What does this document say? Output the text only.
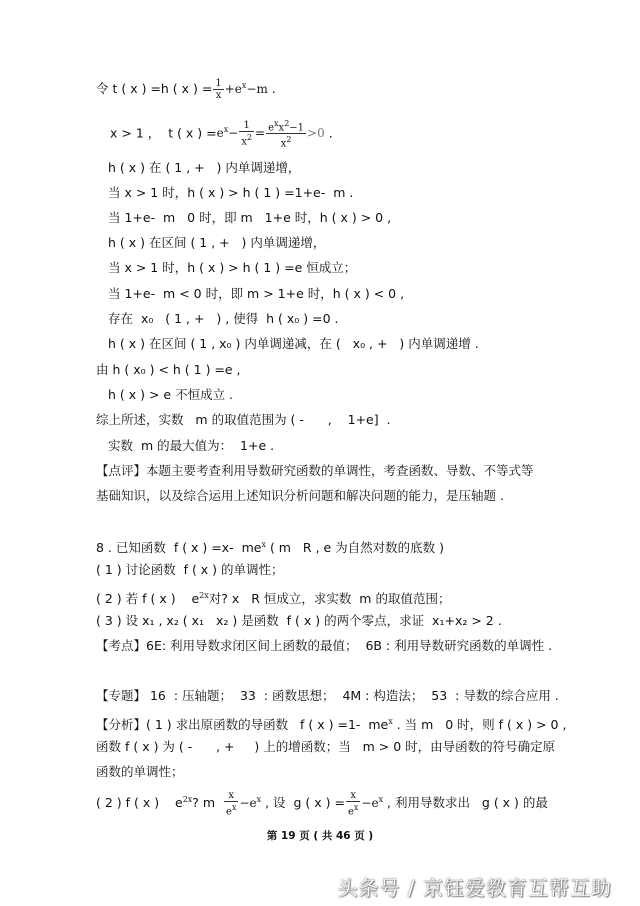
令 t ( x ) =h ( x ) = $\frac{1}{x} +e^x-m$ .
x > 1 ，  t ( x ) $=e^x- \frac{1}{x^2} = \frac{e^xx^2-1}{x^2} >0$ .
h ( x ) 在 ( 1 , +   ) 内单调递增，
当 x > 1 时，h ( x ) > h ( 1 ) =1+e-  m .
当 1+e-  m   0 时，即 m   1+e 时，h ( x ) > 0 ,
h ( x ) 在区间 ( 1 , +   ) 内单调递增，
当 x > 1 时，h ( x ) > h ( 1 ) =e 恒成立；
当 1+e-  m < 0 时，即 m > 1+e 时，h ( x ) < 0 ,
存在  x₀   ( 1 , +   ) , 使得  h ( x₀ ) =0 .
h ( x ) 在区间 ( 1 , x₀ ) 内单调递减，在 (   x₀ , +   ) 内单调递增 .
由 h ( x₀ ) < h ( 1 ) =e ,
h ( x ) > e 不恒成立 .
综上所述，实数   m 的取值范围为 ( -      ,    1+e]  .
实数  m 的最大值为：  1+e .
【点评】本题主要考查利用导数研究函数的单调性，考查函数、导数、不等式等
基础知识，以及综合运用上述知识分析问题和解决问题的能力，是压轴题 .
8 . 已知函数  f ( x ) =x-  $me^x$ ( m   R , e 为自然对数的底数 )
( 1 ) 讨论函数  f ( x ) 的单调性；
( 2 ) 若 f ( x )    $e^{2x}$对? x   R 恒成立，求实数  m 的取值范围；
( 3 ) 设 x₁ , x₂ ( x₁   x₂ ) 是函数  f ( x ) 的两个零点，求证  x₁+x₂ > 2 .
【考点】6E: 利用导数求闭区间上函数的最值；  6B : 利用导数研究函数的单调性 .
【专题】 16  : 压轴题；  33  : 函数思想；  4M : 构造法；  53  : 导数的综合应用 .
【分析】( 1 ) 求出原函数的导函数   f ( x ) =1-  $me^x$ . 当 m   0 时，则 f ( x ) > 0 ,
函数 f ( x ) 为 ( -      , +     ) 上的增函数；当   m > 0 时，由导函数的符号确定原
函数的单调性；
( 2 ) f ( x )    $e^{2x}$? m $\frac{x}{e^x} -e^x$ , 设  g ( x ) = $\frac{x}{e^x} -e^x$ , 利用导数求出   g ( x ) 的最
第 19 页 ( 共 46 页 )
头条号 / 京钰爱教育互帮互助
